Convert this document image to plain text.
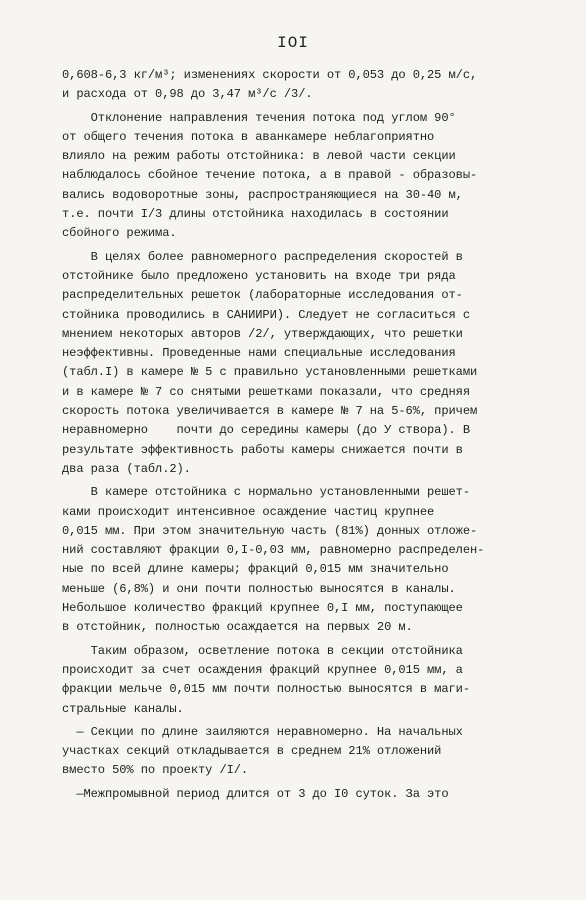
IOI
0,608-6,3 кг/м³; изменениях скорости от 0,053 до 0,25 м/с,
и расхода от 0,98 до 3,47 м³/с /3/.
Отклонение направления течения потока под углом 90°
от общего течения потока в аванкамере неблагоприятно
влияло на режим работы отстойника: в левой части секции
наблюдалось сбойное течение потока, а в правой - образовы-
вались водоворотные зоны, распространяющиеся на 30-40 м,
т.е. почти I/3 длины отстойника находилась в состоянии
сбойного режима.
В целях более равномерного распределения скоростей в
отстойнике было предложено установить на входе три ряда
распределительных решеток (лабораторные исследования от-
стойника проводились в САНИИРИ). Следует не согласиться с
мнением некоторых авторов /2/, утверждающих, что решетки
неэффективны. Проведенные нами специальные исследования
(табл.I) в камере № 5 с правильно установленными решетками
и в камере № 7 со снятыми решетками показали, что средняя
скорость потока увеличивается в камере № 7 на 5-6%, причем
неравномерно    почти до середины камеры (до У створа). В
результате эффективность работы камеры снижается почти в
два раза (табл.2).
В камере отстойника с нормально установленными решет-
ками происходит интенсивное осаждение частиц крупнее
0,015 мм. При этом значительную часть (81%) донных отложе-
ний составляют фракции 0,I-0,03 мм, равномерно распределен-
ные по всей длине камеры; фракций 0,015 мм значительно
меньше (6,8%) и они почти полностью выносятся в каналы.
Небольшое количество фракций крупнее 0,I мм, поступающее
в отстойник, полностью осаждается на первых 20 м.
Таким образом, осветление потока в секции отстойника
происходит за счет осаждения фракций крупнее 0,015 мм, а
фракции мельче 0,015 мм почти полностью выносятся в маги-
стральные каналы.
— Секции по длине заиляются неравномерно. На начальных
участках секций откладывается в среднем 21% отложений
вместо 50% по проекту /I/.
—Межпромывной период длится от 3 до I0 суток. За это
